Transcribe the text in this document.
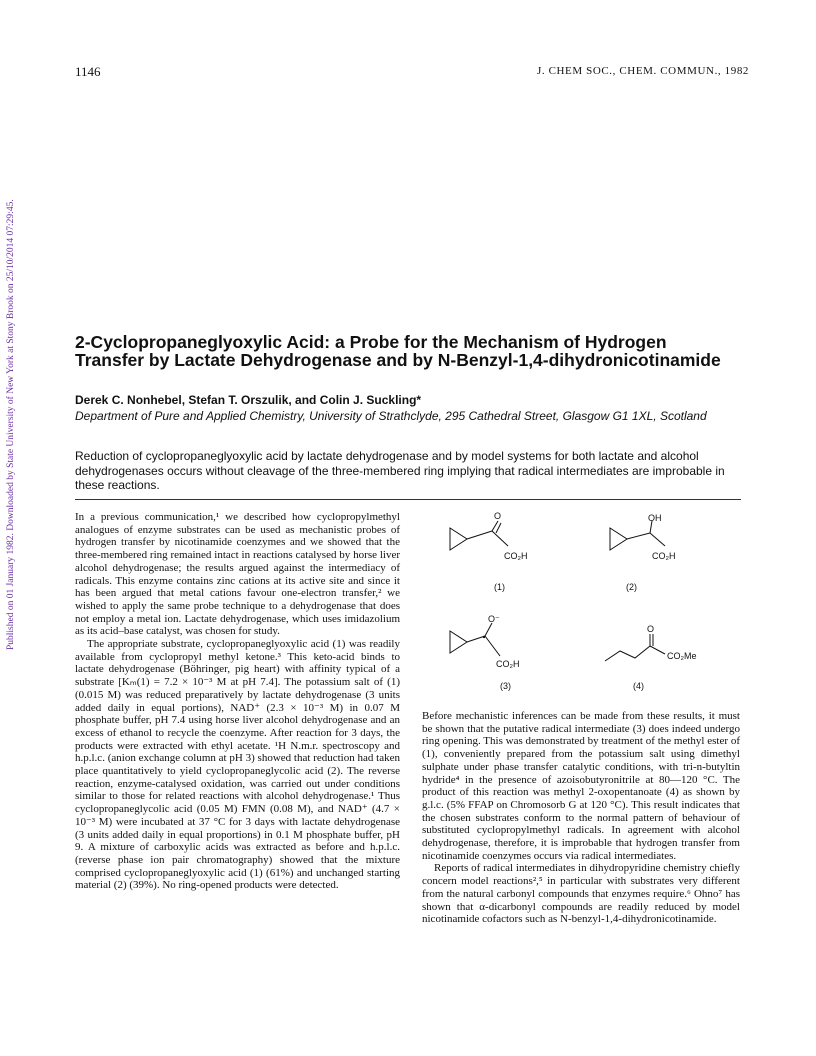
Published on 01 January 1982. Downloaded by State University of New York at Stony Brook on 25/10/2014 07:29:45.
1146	J. CHEM SOC., CHEM. COMMUN., 1982
2-Cyclopropaneglyoxylic Acid: a Probe for the Mechanism of Hydrogen Transfer by Lactate Dehydrogenase and by N-Benzyl-1,4-dihydronicotinamide
Derek C. Nonhebel, Stefan T. Orszulik, and Colin J. Suckling*
Department of Pure and Applied Chemistry, University of Strathclyde, 295 Cathedral Street, Glasgow G1 1XL, Scotland
Reduction of cyclopropaneglyoxylic acid by lactate dehydrogenase and by model systems for both lactate and alcohol dehydrogenases occurs without cleavage of the three-membered ring implying that radical intermediates are improbable in these reactions.

In a previous communication,¹ we described how cyclopropylmethyl analogues of enzyme substrates can be used as mechanistic probes of hydrogen transfer by nicotinamide coenzymes and we showed that the three-membered ring remained intact in reactions catalysed by horse liver alcohol dehydrogenase; the results argued against the intermediacy of radicals. This enzyme contains zinc cations at its active site and since it has been argued that metal cations favour one-electron transfer,² we wished to apply the same probe technique to a dehydrogenase that does not employ a metal ion. Lactate dehydrogenase, which uses imidazolium as its acid–base catalyst, was chosen for study.

The appropriate substrate, cyclopropaneglyoxylic acid (1) was readily available from cyclopropyl methyl ketone.³ This keto-acid binds to lactate dehydrogenase (Böhringer, pig heart) with affinity typical of a substrate [Kₘ(1) = 7.2 × 10⁻³ M at pH 7.4]. The potassium salt of (1) (0.015 M) was reduced preparatively by lactate dehydrogenase (3 units added daily in equal portions), NAD⁺ (2.3 × 10⁻³ M) in 0.07 M phosphate buffer, pH 7.4 using horse liver alcohol dehydrogenase and an excess of ethanol to recycle the coenzyme. After reaction for 3 days, the products were extracted with ethyl acetate. ¹H N.m.r. spectroscopy and h.p.l.c. (anion exchange column at pH 3) showed that reduction had taken place quantitatively to yield cyclopropaneglycolic acid (2). The reverse reaction, enzyme-catalysed oxidation, was carried out under conditions similar to those for related reactions with alcohol dehydrogenase.¹ Thus cyclopropaneglycolic acid (0.05 M) FMN (0.08 M), and NAD⁺ (4.7 × 10⁻³ M) were incubated at 37 °C for 3 days with lactate dehydrogenase (3 units added daily in equal proportions) in 0.1 M phosphate buffer, pH 9. A mixture of carboxylic acids was extracted as before and h.p.l.c. (reverse phase ion pair chromatography) showed that the mixture comprised cyclopropaneglyoxylic acid (1) (61%) and unchanged starting material (2) (39%). No ring-opened products were detected.

O
CO₂H
(1)
OH
CO₂H
(2)
O⁻
CO₂H
(3)
O
CO₂Me
(4)

Before mechanistic inferences can be made from these results, it must be shown that the putative radical intermediate (3) does indeed undergo ring opening. This was demonstrated by treatment of the methyl ester of (1), conveniently prepared from the potassium salt using dimethyl sulphate under phase transfer catalytic conditions, with tri-n-butyltin hydride⁴ in the presence of azoisobutyronitrile at 80—120 °C. The product of this reaction was methyl 2-oxopentanoate (4) as shown by g.l.c. (5% FFAP on Chromosorb G at 120 °C). This result indicates that the chosen substrates conform to the normal pattern of behaviour of substituted cyclopropylmethyl radicals. In agreement with alcohol dehydrogenase, therefore, it is improbable that hydrogen transfer from nicotinamide coenzymes occurs via radical intermediates.

Reports of radical intermediates in dihydropyridine chemistry chiefly concern model reactions²,⁵ in particular with substrates very different from the natural carbonyl compounds that enzymes require.⁶ Ohno⁷ has shown that α-dicarbonyl compounds are readily reduced by model nicotinamide cofactors such as N-benzyl-1,4-dihydronicotinamide.
